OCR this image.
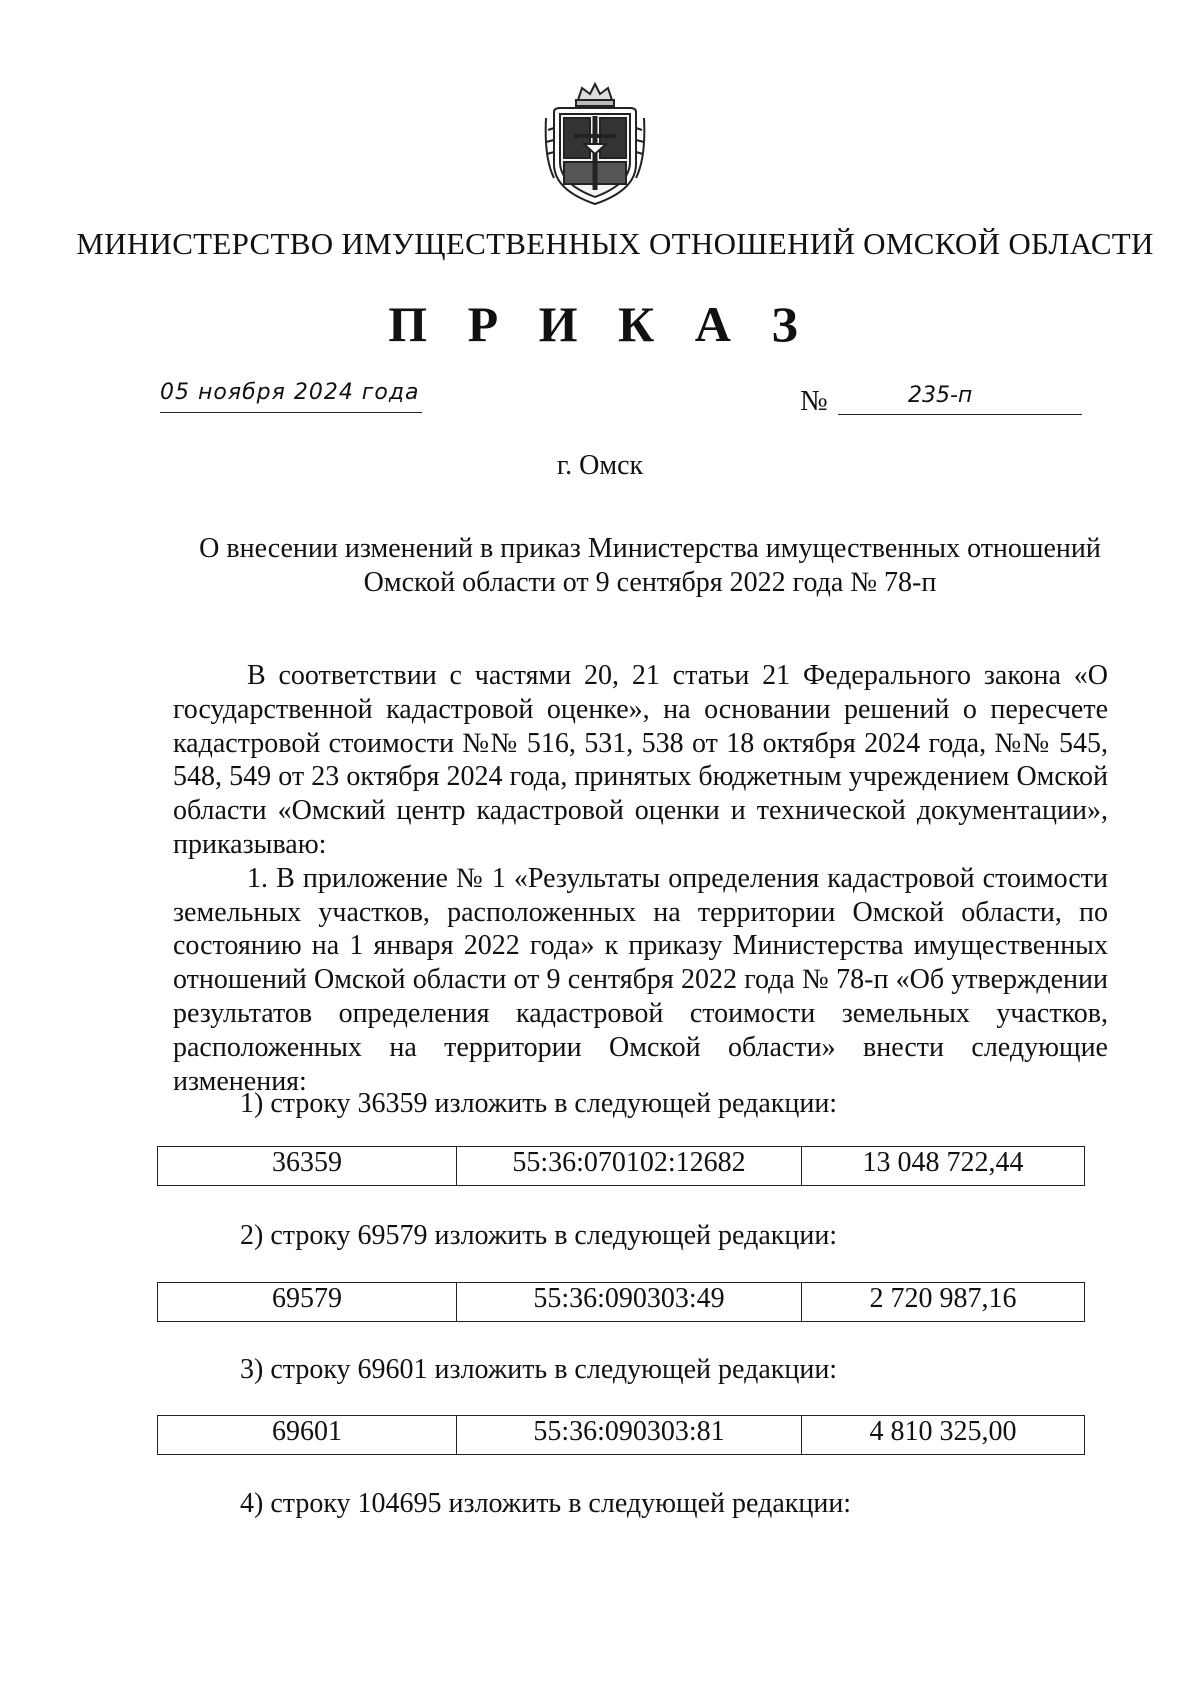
МИНИСТЕРСТВО ИМУЩЕСТВЕННЫХ ОТНОШЕНИЙ ОМСКОЙ ОБЛАСТИ
П Р И К А З
05 ноября 2024 года	№	235-п
г. Омск
О внесении изменений в приказ Министерства имущественных отношений
Омской области от 9 сентября 2022 года № 78-п

В соответствии с частями 20, 21 статьи 21 Федерального закона «О государственной кадастровой оценке», на основании решений о пересчете кадастровой стоимости №№ 516, 531, 538 от 18 октября 2024 года, №№ 545, 548, 549 от 23 октября 2024 года, принятых бюджетным учреждением Омской области «Омский центр кадастровой оценки и технической документации», приказываю:

1. В приложение № 1 «Результаты определения кадастровой стоимости земельных участков, расположенных на территории Омской области, по состоянию на 1 января 2022 года» к приказу Министерства имущественных отношений Омской области от 9 сентября 2022 года № 78-п «Об утверждении результатов определения кадастровой стоимости земельных участков, расположенных на территории Омской области» внести следующие изменения:

1) строку 36359 изложить в следующей редакции:
36359	55:36:070102:12682	13 048 722,44
2) строку 69579 изложить в следующей редакции:
69579	55:36:090303:49	2 720 987,16
3) строку 69601 изложить в следующей редакции:
69601	55:36:090303:81	4 810 325,00
4) строку 104695 изложить в следующей редакции:
